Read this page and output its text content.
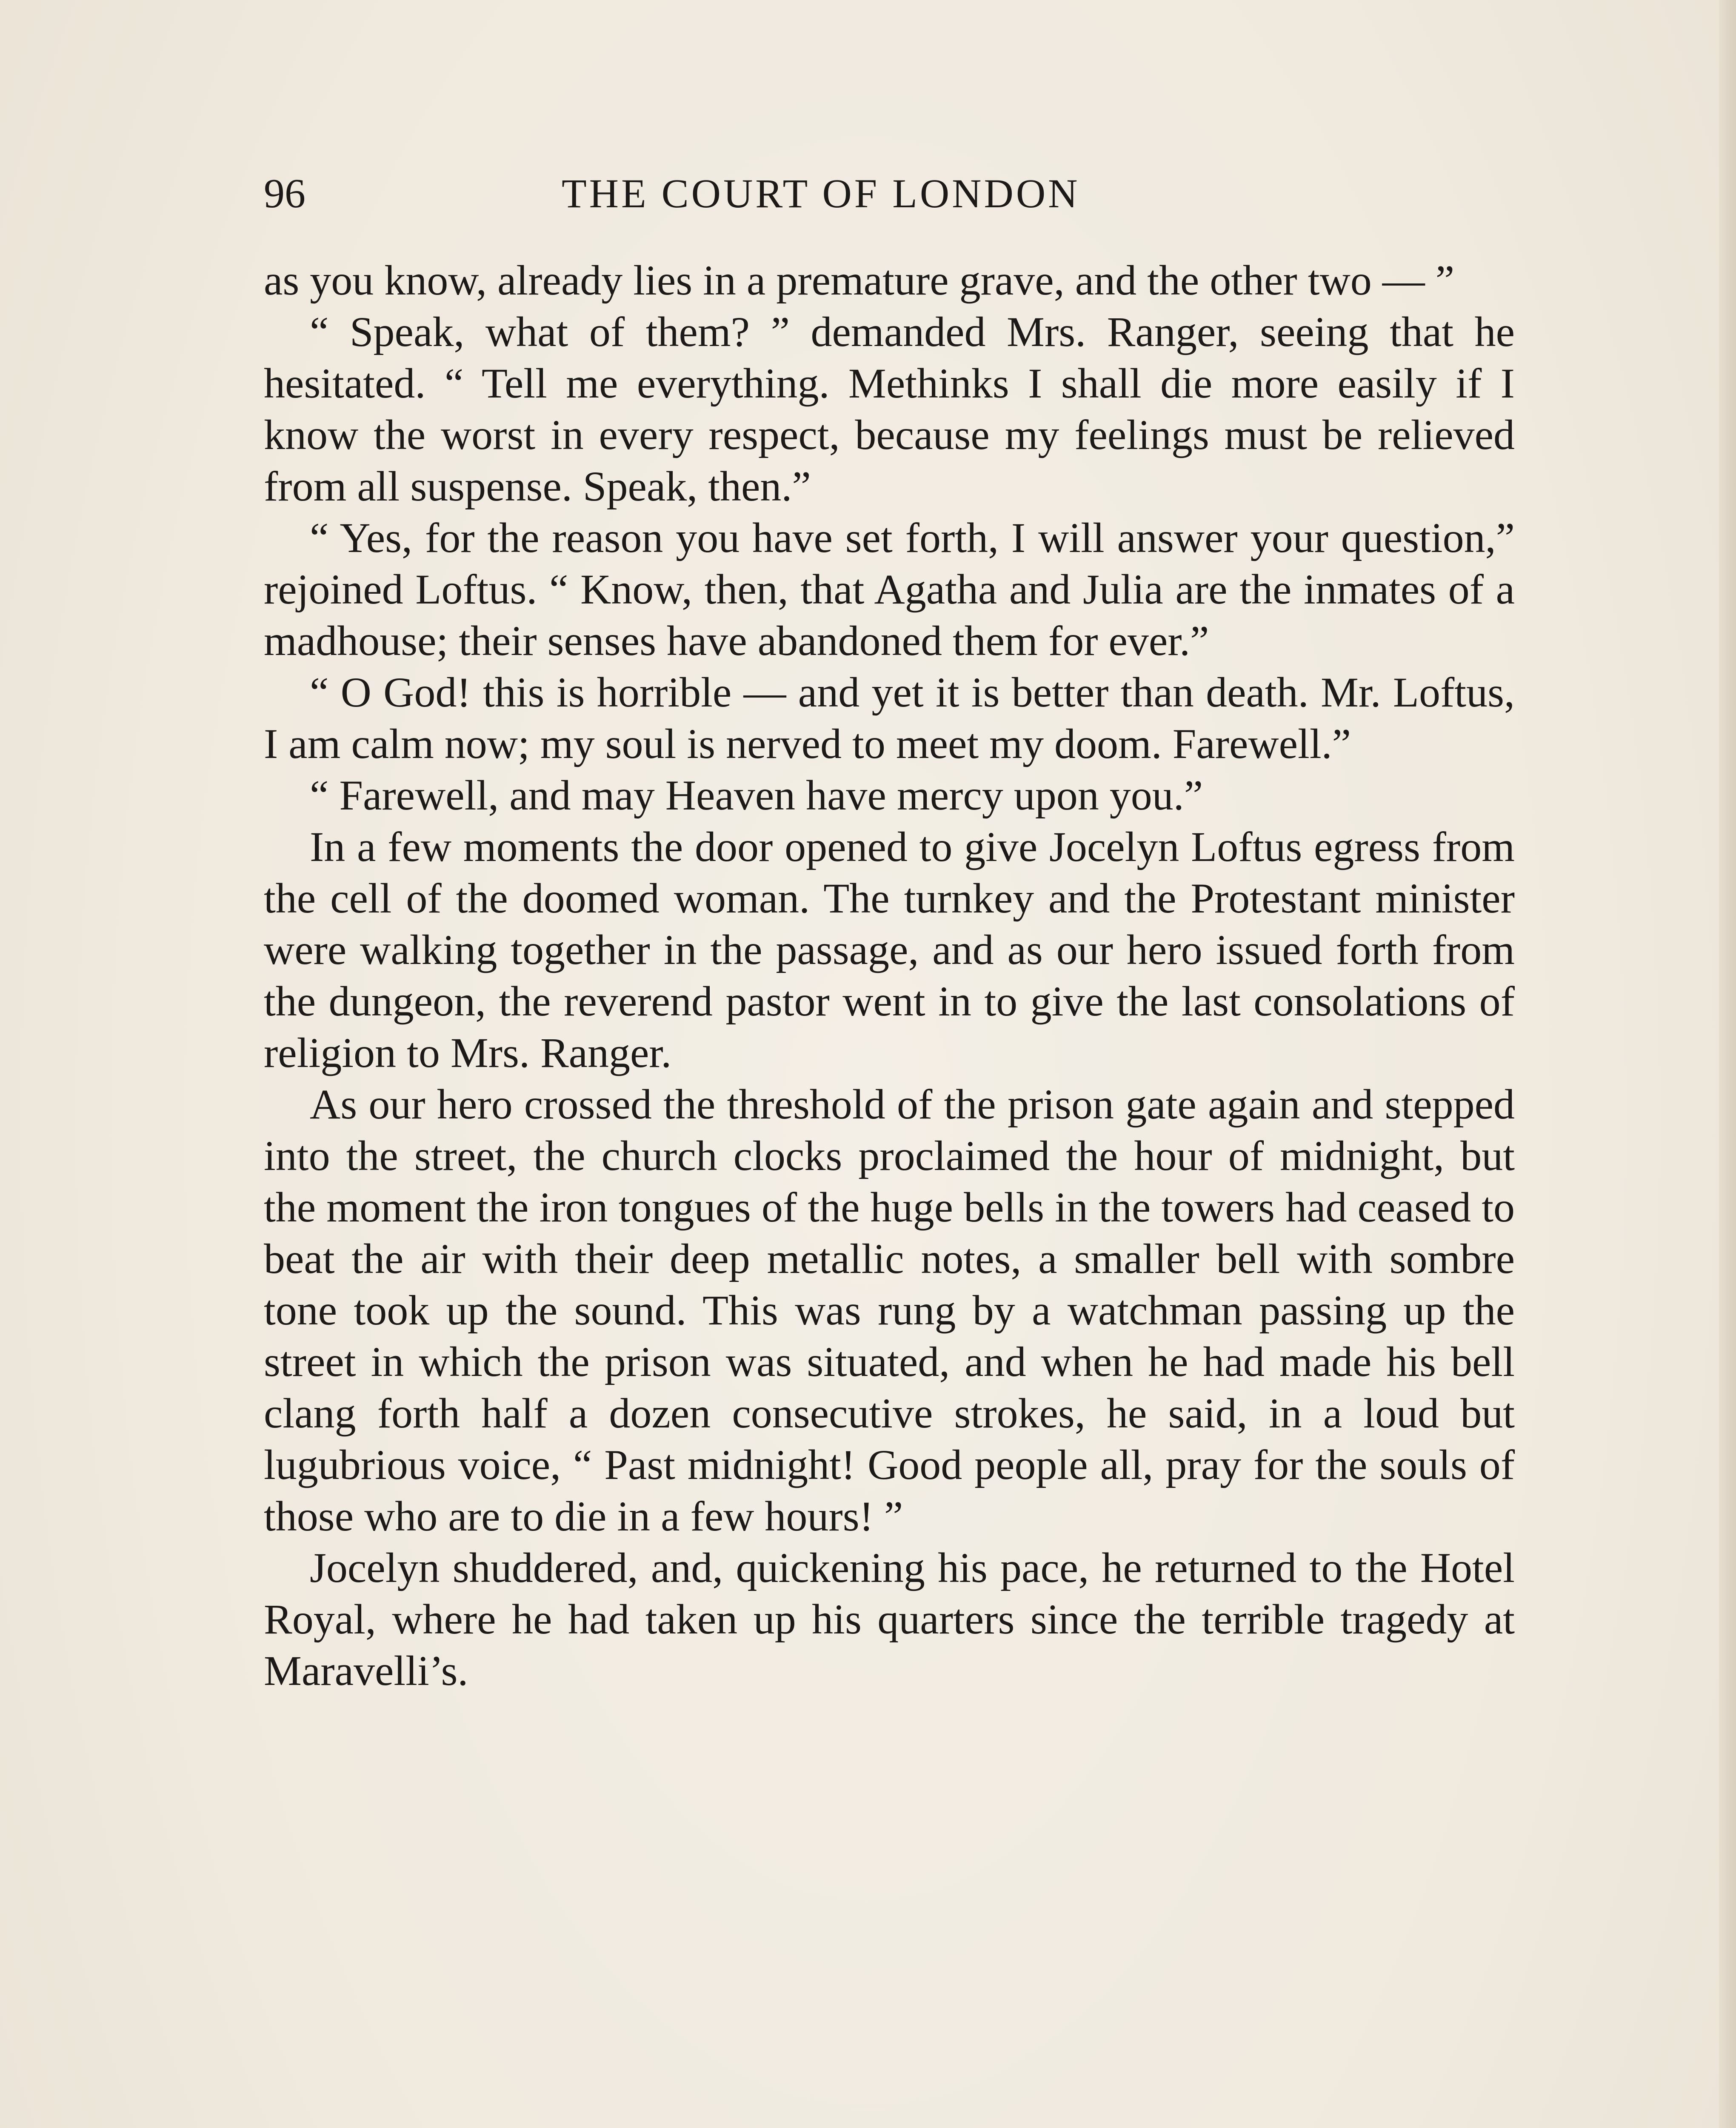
96	THE COURT OF LONDON

as you know, already lies in a premature grave, and the other two — ”

“ Speak, what of them? ” demanded Mrs. Ranger, seeing that he hesitated. “ Tell me everything. Methinks I shall die more easily if I know the worst in every respect, because my feelings must be relieved from all suspense. Speak, then.”

“ Yes, for the reason you have set forth, I will answer your question,” rejoined Loftus. “ Know, then, that Agatha and Julia are the inmates of a madhouse; their senses have abandoned them for ever.”

“ O God! this is horrible — and yet it is better than death. Mr. Loftus, I am calm now; my soul is nerved to meet my doom. Farewell.”

“ Farewell, and may Heaven have mercy upon you.”

In a few moments the door opened to give Jocelyn Loftus egress from the cell of the doomed woman. The turnkey and the Protestant minister were walking together in the passage, and as our hero issued forth from the dungeon, the reverend pastor went in to give the last consolations of religion to Mrs. Ranger.

As our hero crossed the threshold of the prison gate again and stepped into the street, the church clocks proclaimed the hour of midnight, but the moment the iron tongues of the huge bells in the towers had ceased to beat the air with their deep metallic notes, a smaller bell with sombre tone took up the sound. This was rung by a watchman passing up the street in which the prison was situated, and when he had made his bell clang forth half a dozen consecutive strokes, he said, in a loud but lugubrious voice, “ Past midnight! Good people all, pray for the souls of those who are to die in a few hours! ”

Jocelyn shuddered, and, quickening his pace, he returned to the Hotel Royal, where he had taken up his quarters since the terrible tragedy at Maravelli’s.
